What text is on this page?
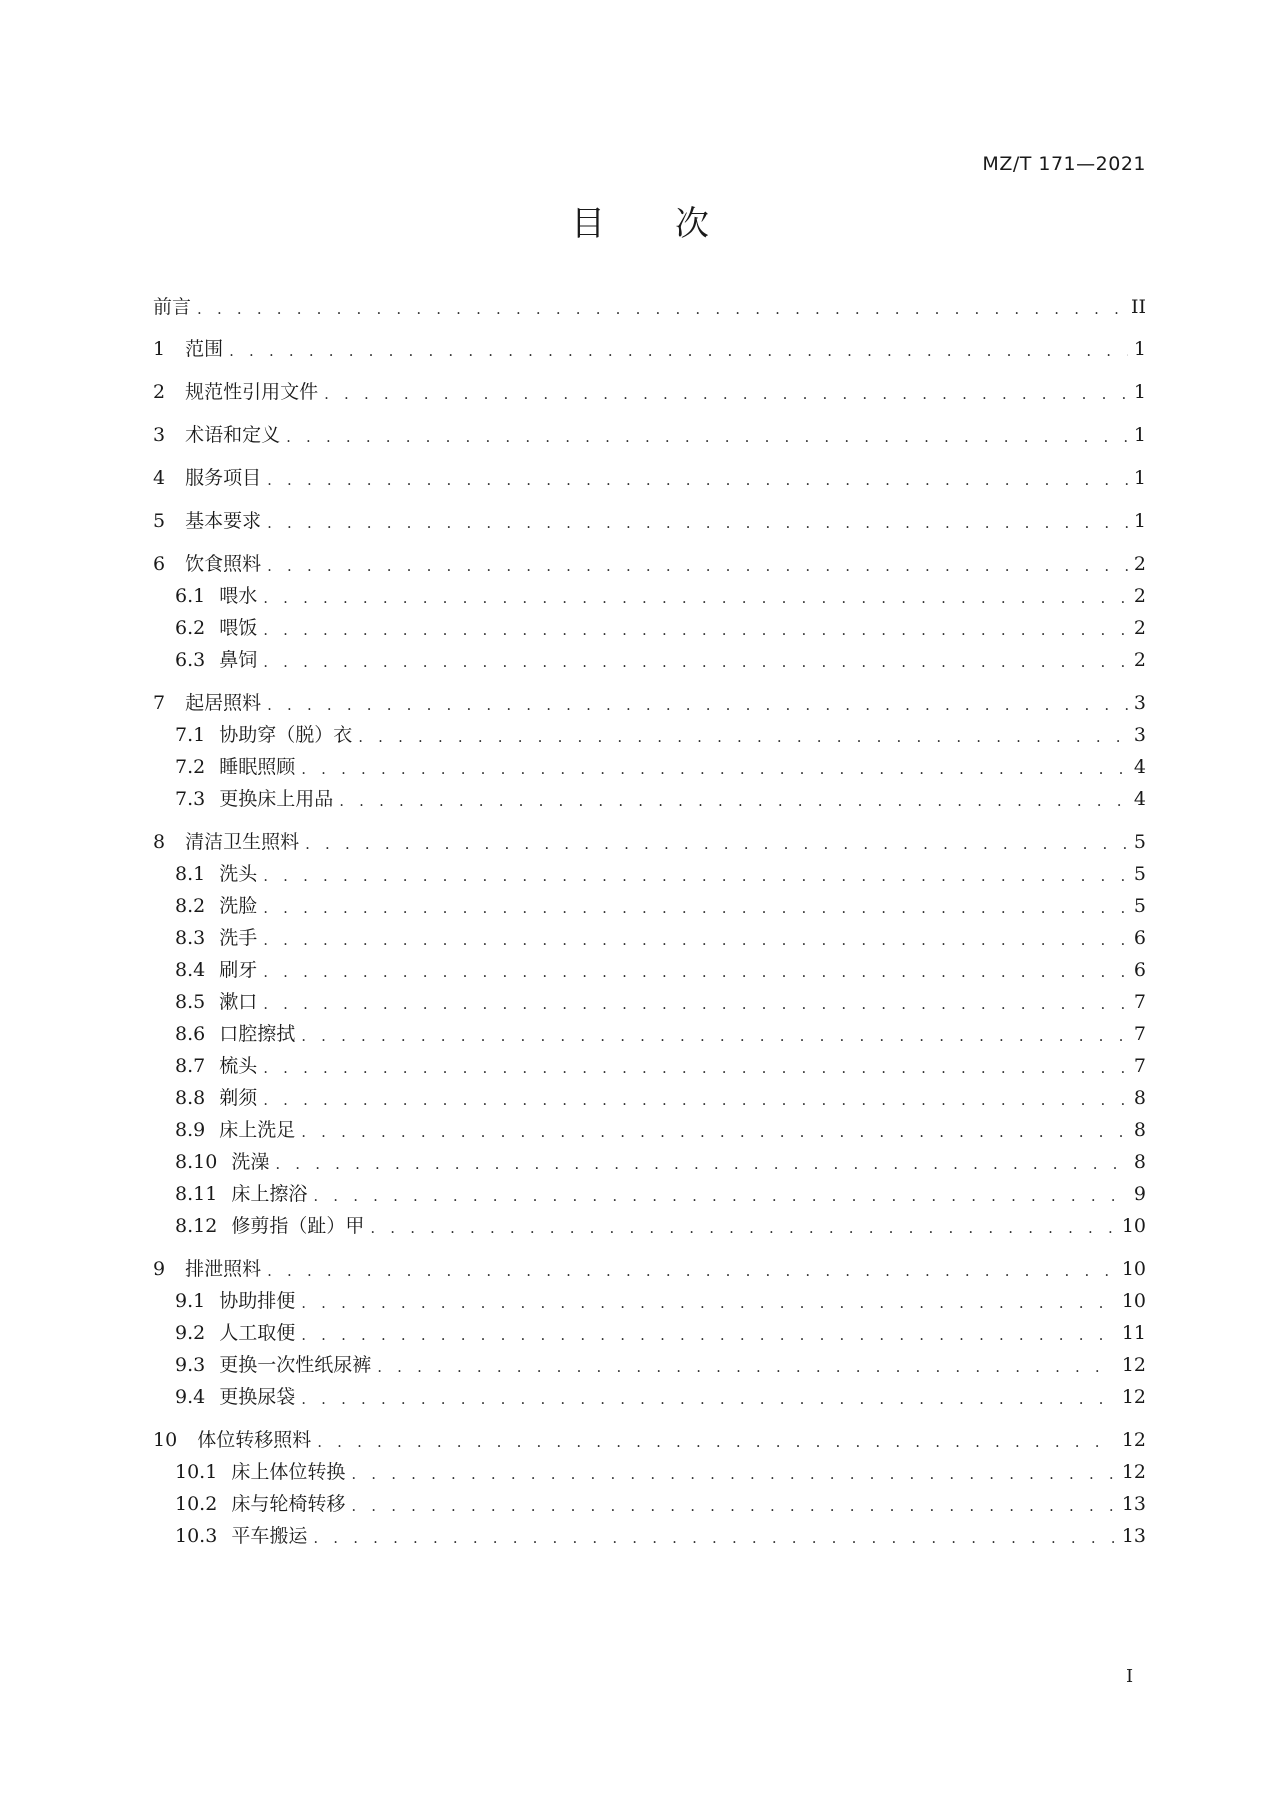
MZ/T 171—2021
目次
前言 . . .	II
1 范围 . . .	1
2 规范性引用文件 . . .	1
3 术语和定义 . . .	1
4 服务项目 . . .	1
5 基本要求 . . .	1
6 饮食照料 . . .	2
6.1 喂水 . . .	2
6.2 喂饭 . . .	2
6.3 鼻饲 . . .	2
7 起居照料 . . .	3
7.1 协助穿（脱）衣 . . .	3
7.2 睡眠照顾 . . .	4
7.3 更换床上用品 . . .	4
8 清洁卫生照料 . . .	5
8.1 洗头 . . .	5
8.2 洗脸 . . .	5
8.3 洗手 . . .	6
8.4 刷牙 . . .	6
8.5 漱口 . . .	7
8.6 口腔擦拭 . . .	7
8.7 梳头 . . .	7
8.8 剃须 . . .	8
8.9 床上洗足 . . .	8
8.10 洗澡 . . .	8
8.11 床上擦浴 . . .	9
8.12 修剪指（趾）甲 . . .	10
9 排泄照料 . . .	10
9.1 协助排便 . . .	10
9.2 人工取便 . . .	11
9.3 更换一次性纸尿裤 . . .	12
9.4 更换尿袋 . . .	12
10 体位转移照料 . . .	12
10.1 床上体位转换 . . .	12
10.2 床与轮椅转移 . . .	13
10.3 平车搬运 . . .	13
I
